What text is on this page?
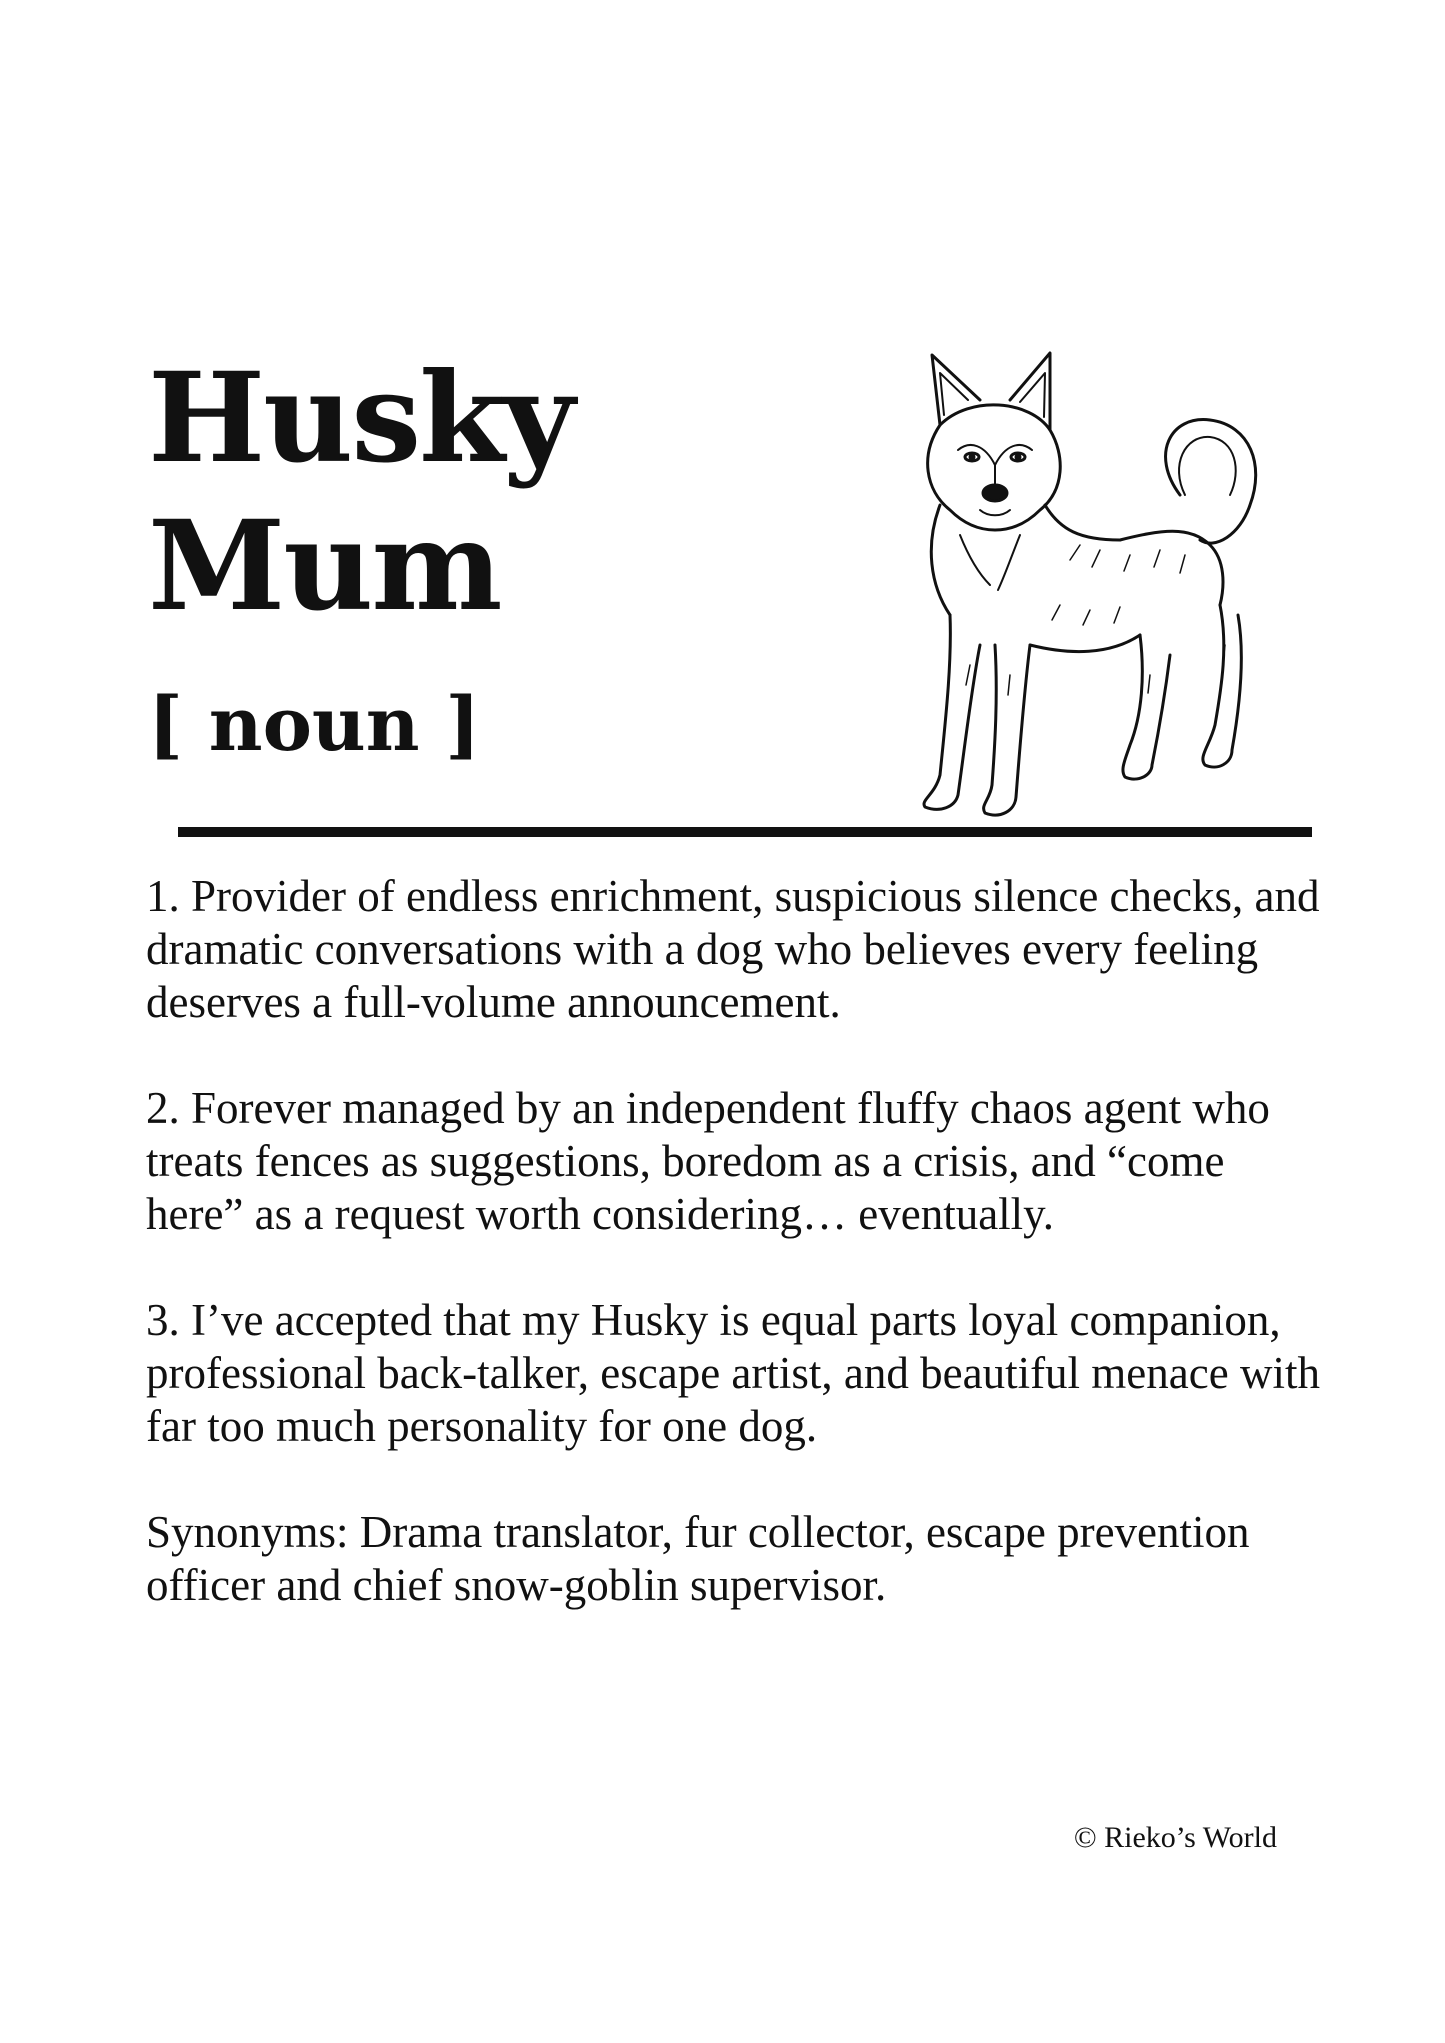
Husky
Mum
[ noun ]

1. Provider of endless enrichment, suspicious silence checks, and dramatic conversations with a dog who believes every feeling deserves a full-volume announcement.

2. Forever managed by an independent fluffy chaos agent who treats fences as suggestions, boredom as a crisis, and “come here” as a request worth considering… eventually.

3. I’ve accepted that my Husky is equal parts loyal companion, professional back-talker, escape artist, and beautiful menace with far too much personality for one dog.

Synonyms: Drama translator, fur collector, escape prevention officer and chief snow-goblin supervisor.

© Rieko’s World
